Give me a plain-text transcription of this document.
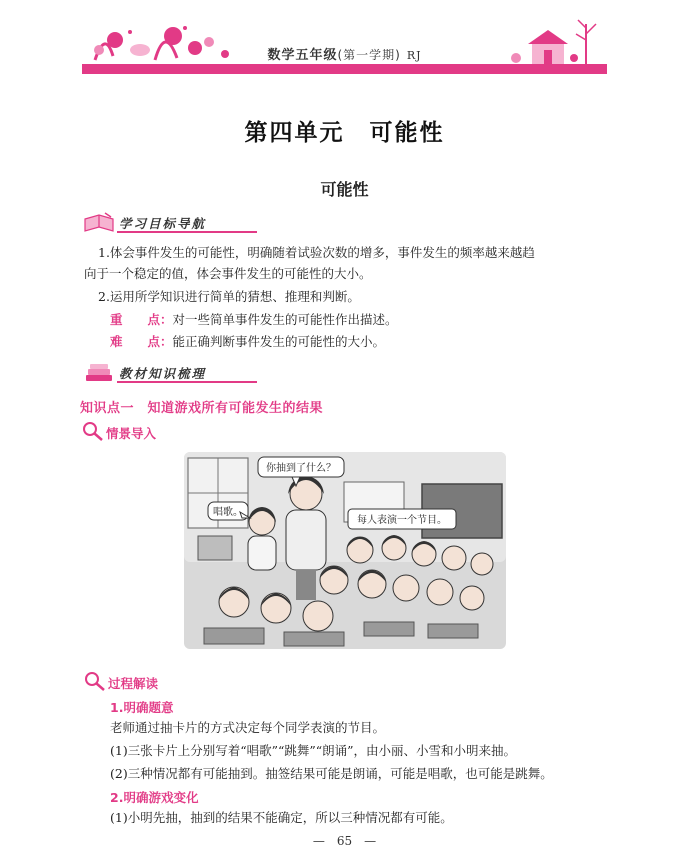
数学五年级(第一学期) RJ
第四单元　可能性
可能性
学习目标导航
1.体会事件发生的可能性，明确随着试验次数的增多，事件发生的频率越来越趋
向于一个稳定的值，体会事件发生的可能性的大小。
2.运用所学知识进行简单的猜想、推理和判断。
重　　点：对一些简单事件发生的可能性作出描述。
难　　点：能正确判断事件发生的可能性的大小。
教材知识梳理
知识点一　知道游戏所有可能发生的结果
情景导入
你抽到了什么？
唱歌。
每人表演一个节目。
过程解读
1.明确题意
老师通过抽卡片的方式决定每个同学表演的节目。
(1)三张卡片上分别写着“唱歌”“跳舞”“朗诵”，由小丽、小雪和小明来抽。
(2)三种情况都有可能抽到。抽签结果可能是朗诵，可能是唱歌，也可能是跳舞。
2.明确游戏变化
(1)小明先抽，抽到的结果不能确定，所以三种情况都有可能。
—　65　—
